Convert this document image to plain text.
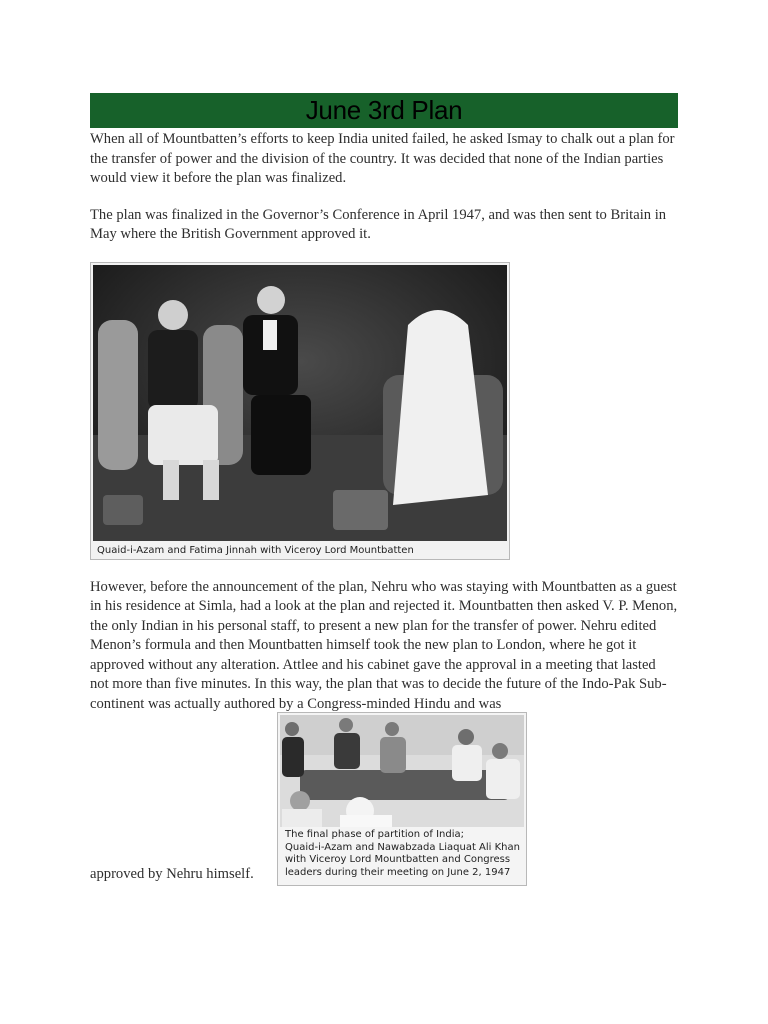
June 3rd Plan

When all of Mountbatten’s efforts to keep India united failed, he asked Ismay to chalk out a plan for the transfer of power and the division of the country. It was decided that none of the Indian parties would view it before the plan was finalized.

The plan was finalized in the Governor’s Conference in April 1947, and was then sent to Britain in May where the British Government approved it.

Quaid-i-Azam and Fatima Jinnah with Viceroy Lord Mountbatten

However, before the announcement of the plan, Nehru who was staying with Mountbatten as a guest in his residence at Simla, had a look at the plan and rejected it. Mountbatten then asked V. P. Menon, the only Indian in his personal staff, to present a new plan for the transfer of power. Nehru edited Menon’s formula and then Mountbatten himself took the new plan to London, where he got it approved without any alteration. Attlee and his cabinet gave the approval in a meeting that lasted not more than five minutes. In this way, the plan that was to decide the future of the Indo-Pak Sub-continent was actually authored by a Congress-minded Hindu and was

approved by Nehru himself.
The final phase of partition of India;
Quaid-i-Azam and Nawabzada Liaquat Ali Khan
with Viceroy Lord Mountbatten and Congress
leaders during their meeting on June 2, 1947
